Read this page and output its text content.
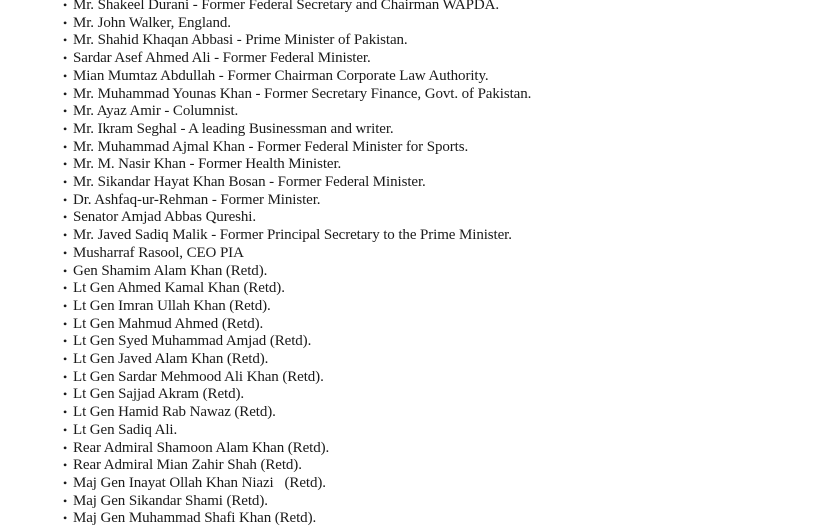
• Mr. Shakeel Durani - Former Federal Secretary and Chairman WAPDA.
• Mr. John Walker, England.
• Mr. Shahid Khaqan Abbasi - Prime Minister of Pakistan.
• Sardar Asef Ahmed Ali - Former Federal Minister.
• Mian Mumtaz Abdullah - Former Chairman Corporate Law Authority.
• Mr. Muhammad Younas Khan - Former Secretary Finance, Govt. of Pakistan.
• Mr. Ayaz Amir - Columnist.
• Mr. Ikram Seghal - A leading Businessman and writer.
• Mr. Muhammad Ajmal Khan - Former Federal Minister for Sports.
• Mr. M. Nasir Khan - Former Health Minister.
• Mr. Sikandar Hayat Khan Bosan - Former Federal Minister.
• Dr. Ashfaq-ur-Rehman - Former Minister.
• Senator Amjad Abbas Qureshi.
• Mr. Javed Sadiq Malik - Former Principal Secretary to the Prime Minister.
• Musharraf Rasool, CEO PIA
• Gen Shamim Alam Khan (Retd).
• Lt Gen Ahmed Kamal Khan (Retd).
• Lt Gen Imran Ullah Khan (Retd).
• Lt Gen Mahmud Ahmed (Retd).
• Lt Gen Syed Muhammad Amjad (Retd).
• Lt Gen Javed Alam Khan (Retd).
• Lt Gen Sardar Mehmood Ali Khan (Retd).
• Lt Gen Sajjad Akram (Retd).
• Lt Gen Hamid Rab Nawaz (Retd).
• Lt Gen Sadiq Ali.
• Rear Admiral Shamoon Alam Khan (Retd).
• Rear Admiral Mian Zahir Shah (Retd).
• Maj Gen Inayat Ollah Khan Niazi   (Retd).
• Maj Gen Sikandar Shami (Retd).
• Maj Gen Muhammad Shafi Khan (Retd).
